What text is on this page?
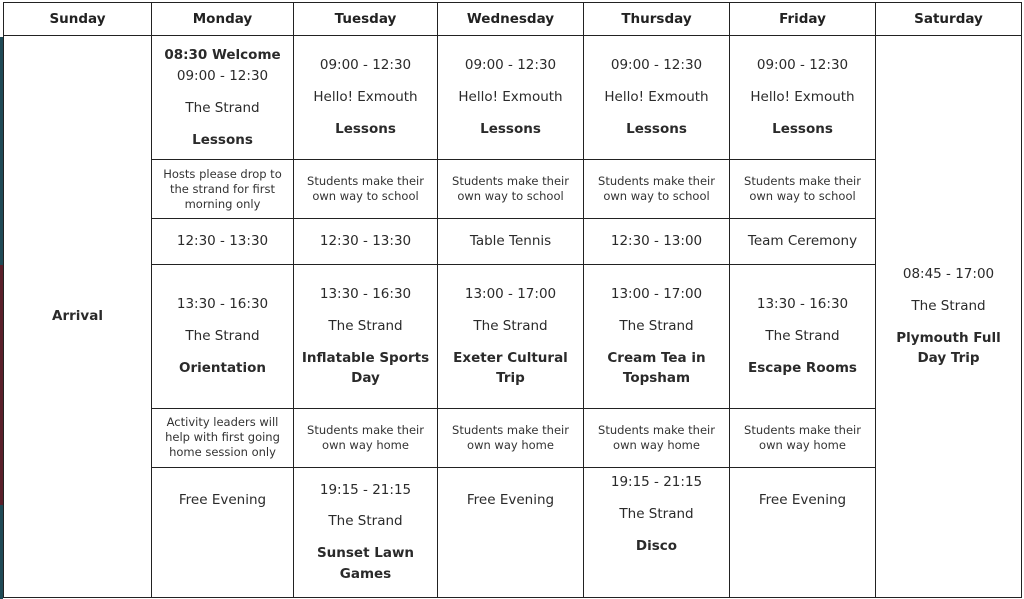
Sunday	Monday	Tuesday	Wednesday	Thursday	Friday	Saturday
Arrival	08:30 Welcome
09:00 - 12:30
The Strand
Lessons	09:00 - 12:30
Hello! Exmouth
Lessons	09:00 - 12:30
Hello! Exmouth
Lessons	09:00 - 12:30
Hello! Exmouth
Lessons	09:00 - 12:30
Hello! Exmouth
Lessons	08:45 - 17:00
The Strand
Plymouth Full Day Trip

	Hosts please drop to the strand for first morning only	Students make their own way to school	Students make their own way to school	Students make their own way to school	Students make their own way to school	
	12:30 - 13:30	12:30 - 13:30	Table Tennis	12:30 - 13:00	Team Ceremony	

	13:30 - 16:30
The Strand
Orientation	13:30 - 16:30
The Strand
Inflatable Sports Day	13:00 - 17:00
The Strand
Exeter Cultural Trip	13:00 - 17:00
The Strand
Cream Tea in Topsham	13:30 - 16:30
The Strand
Escape Rooms	

	Activity leaders will help with first going home session only	Students make their own way home	Students make their own way home	Students make their own way home	Students make their own way home	
	Free Evening	19:15 - 21:15
The Strand
Sunset Lawn Games	Free Evening	19:15 - 21:15
The Strand
Disco	Free Evening	
